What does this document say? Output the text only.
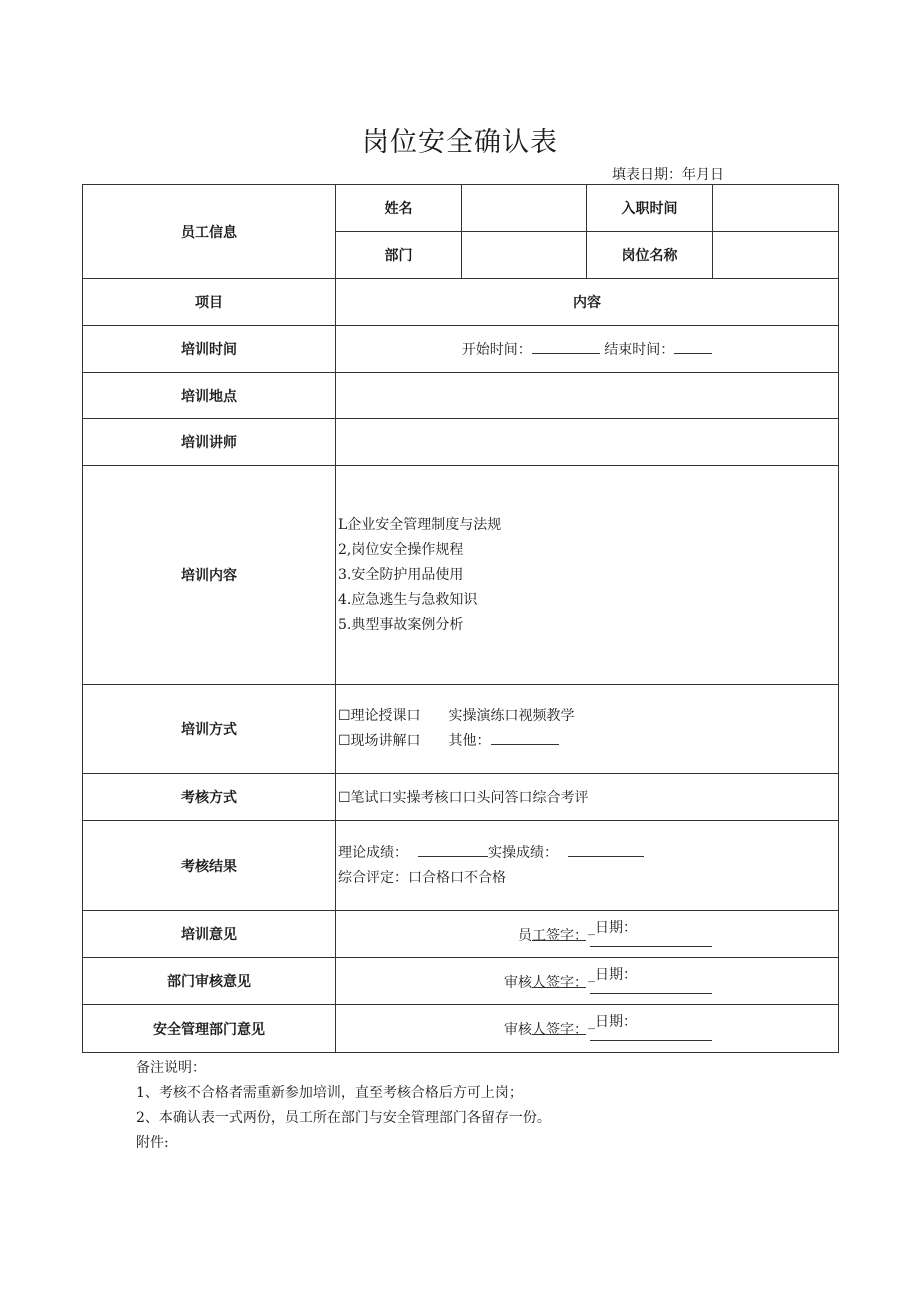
岗位安全确认表
填表日期：年月日
员工信息	姓名		入职时间	
	部门		岗位名称	
项目	内容			
培训时间	开始时间： 结束时间：			
培训地点				
培训讲师				
培训内容	L企业安全管理制度与法规
2,岗位安全操作规程
3.安全防护用品使用
4.应急逃生与急救知识
5.典型事故案例分析			

培训方式	☐理论授课口　　实操演练口视频教学
☐现场讲解口　　其他：			

考核方式	☐笔试口实操考核口口头问答口综合考评			
考核结果	理论成绩： 实操成绩：
综合评定：口合格口不合格			

培训意见	员工签字： _日期：			

部门审核意见	审核人签字： _日期：			

安全管理部门意见	审核人签字： _日期：			
备注说明：
1、考核不合格者需重新参加培训，直至考核合格后方可上岗；
2、本确认表一式两份，员工所在部门与安全管理部门各留存一份。
附件:
